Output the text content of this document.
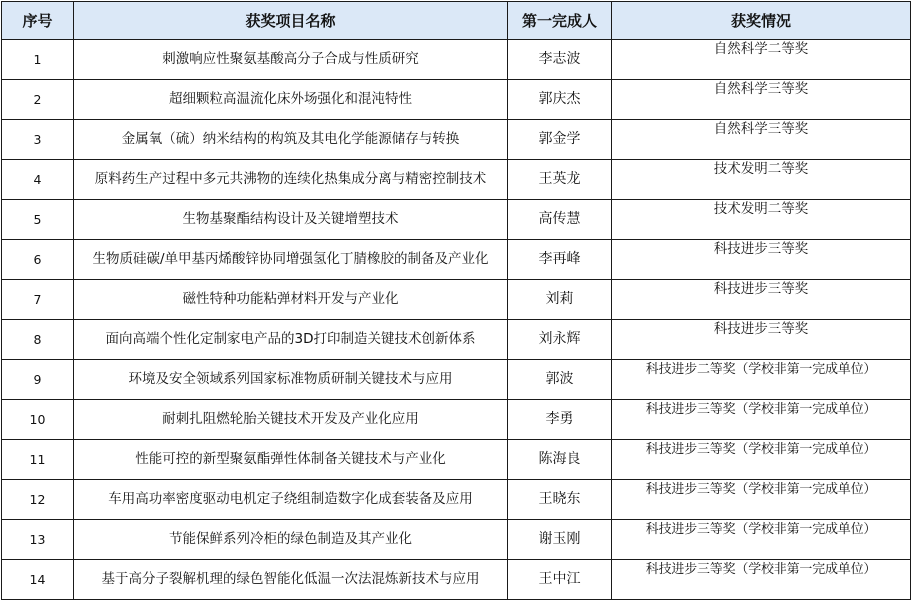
序号	获奖项目名称	第一完成人	获奖情况
1	刺激响应性聚氨基酸高分子合成与性质研究	李志波	自然科学二等奖
2	超细颗粒高温流化床外场强化和混沌特性	郭庆杰	自然科学三等奖
3	金属氧（硫）纳米结构的构筑及其电化学能源储存与转换	郭金学	自然科学三等奖
4	原料药生产过程中多元共沸物的连续化热集成分离与精密控制技术	王英龙	技术发明二等奖
5	生物基聚酯结构设计及关键增塑技术	高传慧	技术发明二等奖
6	生物质硅碳/单甲基丙烯酸锌协同增强氢化丁腈橡胶的制备及产业化	李再峰	科技进步三等奖
7	磁性特种功能粘弹材料开发与产业化	刘莉	科技进步三等奖
8	面向高端个性化定制家电产品的3D打印制造关键技术创新体系	刘永辉	科技进步三等奖
9	环境及安全领域系列国家标准物质研制关键技术与应用	郭波	科技进步二等奖（学校非第一完成单位）
10	耐刺扎阻燃轮胎关键技术开发及产业化应用	李勇	科技进步三等奖（学校非第一完成单位）
11	性能可控的新型聚氨酯弹性体制备关键技术与产业化	陈海良	科技进步三等奖（学校非第一完成单位）
12	车用高功率密度驱动电机定子绕组制造数字化成套装备及应用	王晓东	科技进步三等奖（学校非第一完成单位）
13	节能保鲜系列冷柜的绿色制造及其产业化	谢玉刚	科技进步三等奖（学校非第一完成单位）
14	基于高分子裂解机理的绿色智能化低温一次法混炼新技术与应用	王中江	科技进步三等奖（学校非第一完成单位）
